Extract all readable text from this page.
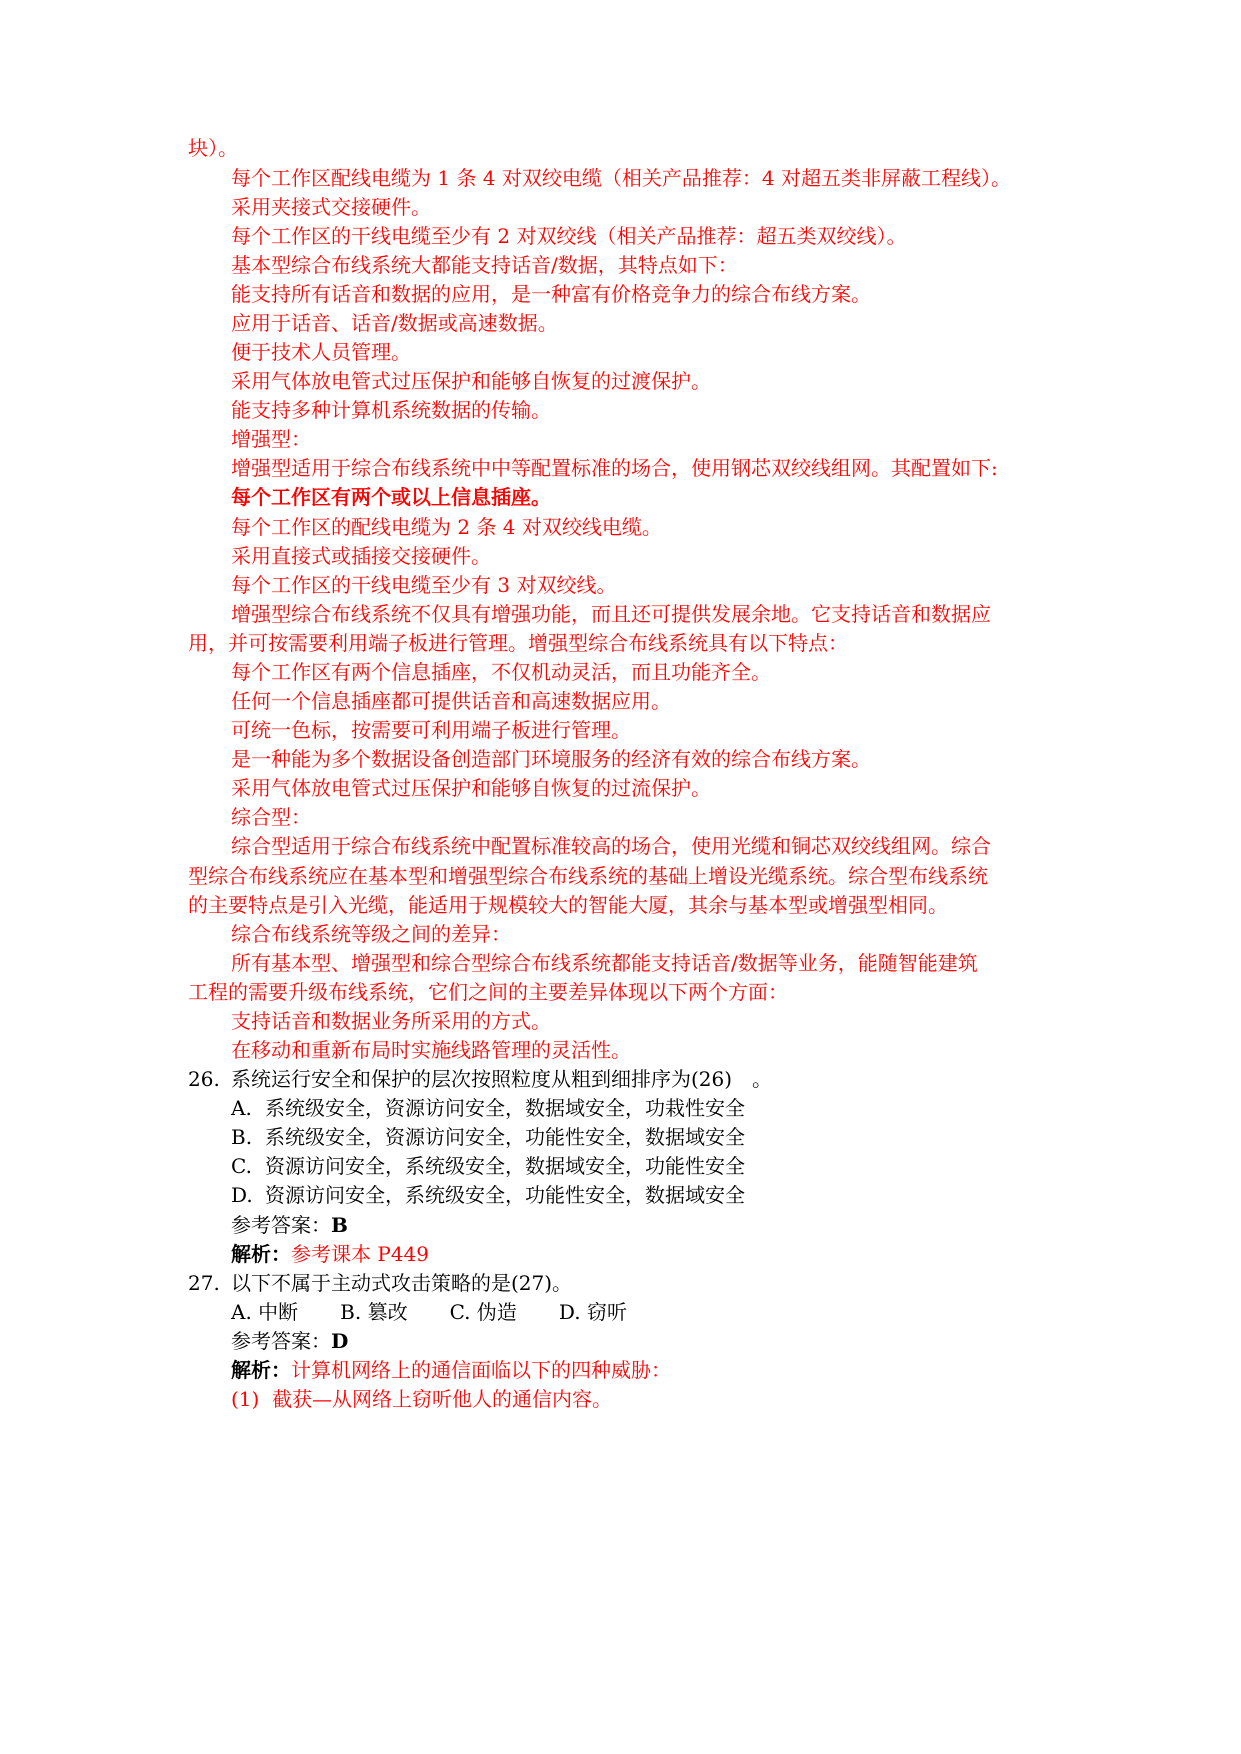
块）。
每个工作区配线电缆为 1 条 4 对双绞电缆（相关产品推荐：4 对超五类非屏蔽工程线）。
采用夹接式交接硬件。
每个工作区的干线电缆至少有 2 对双绞线（相关产品推荐：超五类双绞线）。
基本型综合布线系统大都能支持话音/数据，其特点如下：
能支持所有话音和数据的应用，是一种富有价格竞争力的综合布线方案。
应用于话音、话音/数据或高速数据。
便于技术人员管理。
采用气体放电管式过压保护和能够自恢复的过渡保护。
能支持多种计算机系统数据的传输。
增强型：
增强型适用于综合布线系统中中等配置标准的场合，使用钢芯双绞线组网。其配置如下:
每个工作区有两个或以上信息插座。
每个工作区的配线电缆为 2 条 4 对双绞线电缆。
采用直接式或插接交接硬件。
每个工作区的干线电缆至少有 3 对双绞线。
增强型综合布线系统不仅具有增强功能，而且还可提供发展余地。它支持话音和数据应
用，并可按需要利用端子板进行管理。增强型综合布线系统具有以下特点：
每个工作区有两个信息插座，不仅机动灵活，而且功能齐全。
任何一个信息插座都可提供话音和高速数据应用。
可统一色标，按需要可利用端子板进行管理。
是一种能为多个数据设备创造部门环境服务的经济有效的综合布线方案。
采用气体放电管式过压保护和能够自恢复的过流保护。
综合型：
综合型适用于综合布线系统中配置标准较高的场合，使用光缆和铜芯双绞线组网。综合
型综合布线系统应在基本型和增强型综合布线系统的基础上增设光缆系统。综合型布线系统
的主要特点是引入光缆，能适用于规模较大的智能大厦，其余与基本型或增强型相同。
综合布线系统等级之间的差异：
所有基本型、增强型和综合型综合布线系统都能支持话音/数据等业务，能随智能建筑
工程的需要升级布线系统，它们之间的主要差异体现以下两个方面：
支持话音和数据业务所采用的方式。
在移动和重新布局时实施线路管理的灵活性。
26. 系统运行安全和保护的层次按照粒度从粗到细排序为(26)　。
A. 系统级安全，资源访问安全，数据域安全，功栽性安全
B. 系统级安全，资源访问安全，功能性安全，数据域安全
C. 资源访问安全，系统级安全，数据域安全，功能性安全
D. 资源访问安全，系统级安全，功能性安全，数据域安全
参考答案：B
解析：参考课本 P449
27. 以下不属于主动式攻击策略的是(27)。
A. 中断 B. 篡改 C. 伪造 D. 窃听
参考答案：D
解析：计算机网络上的通信面临以下的四种威胁：
(1) 截获—从网络上窃听他人的通信内容。
